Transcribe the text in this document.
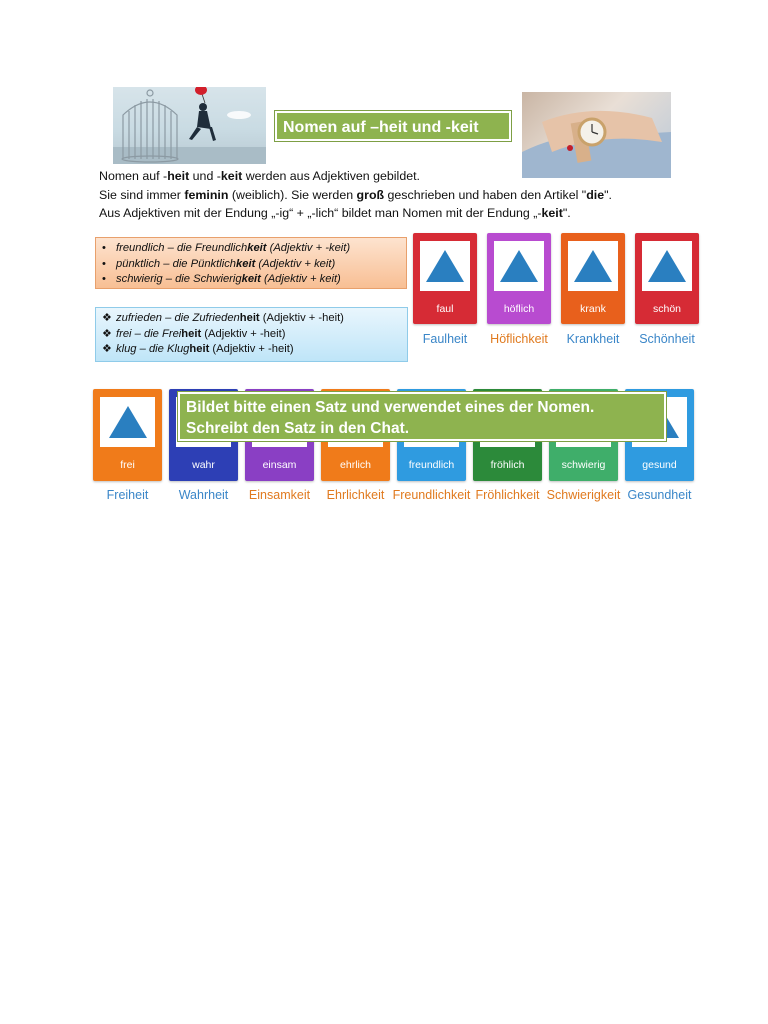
Nomen auf –heit und -keit
Nomen auf -heit und -keit werden aus Adjektiven gebildet.
Sie sind immer feminin (weiblich). Sie werden groß geschrieben und haben den Artikel "die".
Aus Adjektiven mit der Endung „-ig“ + „-lich“ bildet man Nomen mit der Endung „-keit".
• freundlich – die Freundlichkeit (Adjektiv + -keit)
• pünktlich – die Pünktlichkeit (Adjektiv + keit)
• schwierig – die Schwierigkeit (Adjektiv + keit)
❖ zufrieden – die Zufriedenheit (Adjektiv + -heit)
❖ frei – die Freiheit (Adjektiv + -heit)
❖ klug – die Klugheit (Adjektiv + -heit)
faul
Faulheit
höflich
Höflichkeit
krank
Krankheit
schön
Schönheit
frei
Freiheit
wahr
Wahrheit
einsam
Einsamkeit
ehrlich
Ehrlichkeit
freundlich
Freundlichkeit
fröhlich
Fröhlichkeit
schwierig
Schwierigkeit
gesund
Gesundheit
Bildet bitte einen Satz und verwendet eines der Nomen.
Schreibt den Satz in den Chat.
